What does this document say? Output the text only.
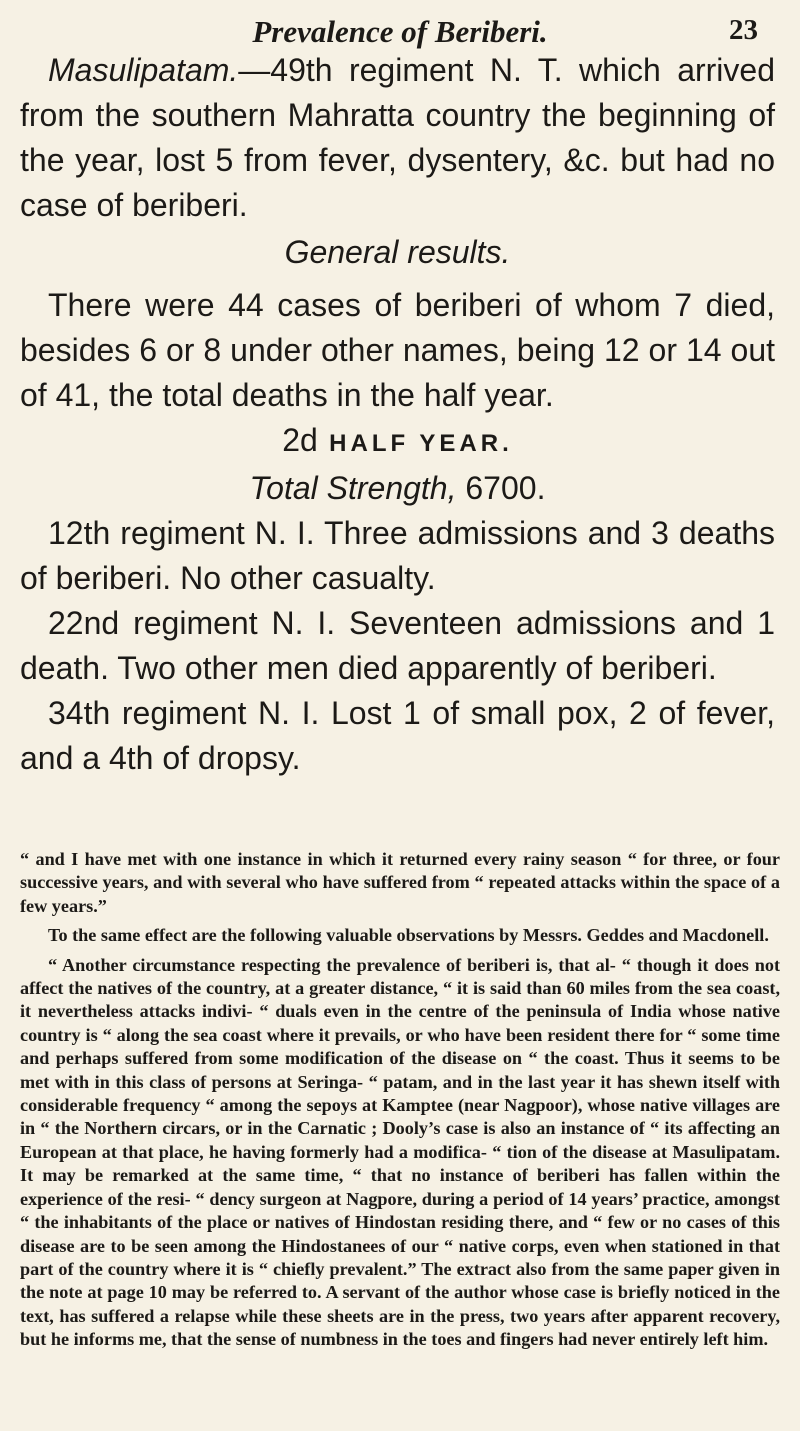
Prevalence of Beriberi.	23

Masulipatam.—49th regiment N. T. which arrived from the southern Mahratta country the beginning of the year, lost 5 from fever, dysentery, &c. but had no case of beriberi.

General results.

There were 44 cases of beriberi of whom 7 died, besides 6 or 8 under other names, being 12 or 14 out of 41, the total deaths in the half year.

2d HALF YEAR.

Total Strength, 6700.

12th regiment N. I. Three admissions and 3 deaths of beriberi. No other casualty.

22nd regiment N. I. Seventeen admissions and 1 death. Two other men died apparently of beriberi.

34th regiment N. I. Lost 1 of small pox, 2 of fever, and a 4th of dropsy.

“ and I have met with one instance in which it returned every rainy season “ for three, or four successive years, and with several who have suffered from “ repeated attacks within the space of a few years.”

To the same effect are the following valuable observations by Messrs. Geddes and Macdonell.

“ Another circumstance respecting the prevalence of beriberi is, that al- “ though it does not affect the natives of the country, at a greater distance, “ it is said than 60 miles from the sea coast, it nevertheless attacks indivi- “ duals even in the centre of the peninsula of India whose native country is “ along the sea coast where it prevails, or who have been resident there for “ some time and perhaps suffered from some modification of the disease on “ the coast. Thus it seems to be met with in this class of persons at Seringa- “ patam, and in the last year it has shewn itself with considerable frequency “ among the sepoys at Kamptee (near Nagpoor), whose native villages are in “ the Northern circars, or in the Carnatic ; Dooly’s case is also an instance of “ its affecting an European at that place, he having formerly had a modifica- “ tion of the disease at Masulipatam. It may be remarked at the same time, “ that no instance of beriberi has fallen within the experience of the resi- “ dency surgeon at Nagpore, during a period of 14 years’ practice, amongst “ the inhabitants of the place or natives of Hindostan residing there, and “ few or no cases of this disease are to be seen among the Hindostanees of our “ native corps, even when stationed in that part of the country where it is “ chiefly prevalent.” The extract also from the same paper given in the note at page 10 may be referred to. A servant of the author whose case is briefly noticed in the text, has suffered a relapse while these sheets are in the press, two years after apparent recovery, but he informs me, that the sense of numbness in the toes and fingers had never entirely left him.
